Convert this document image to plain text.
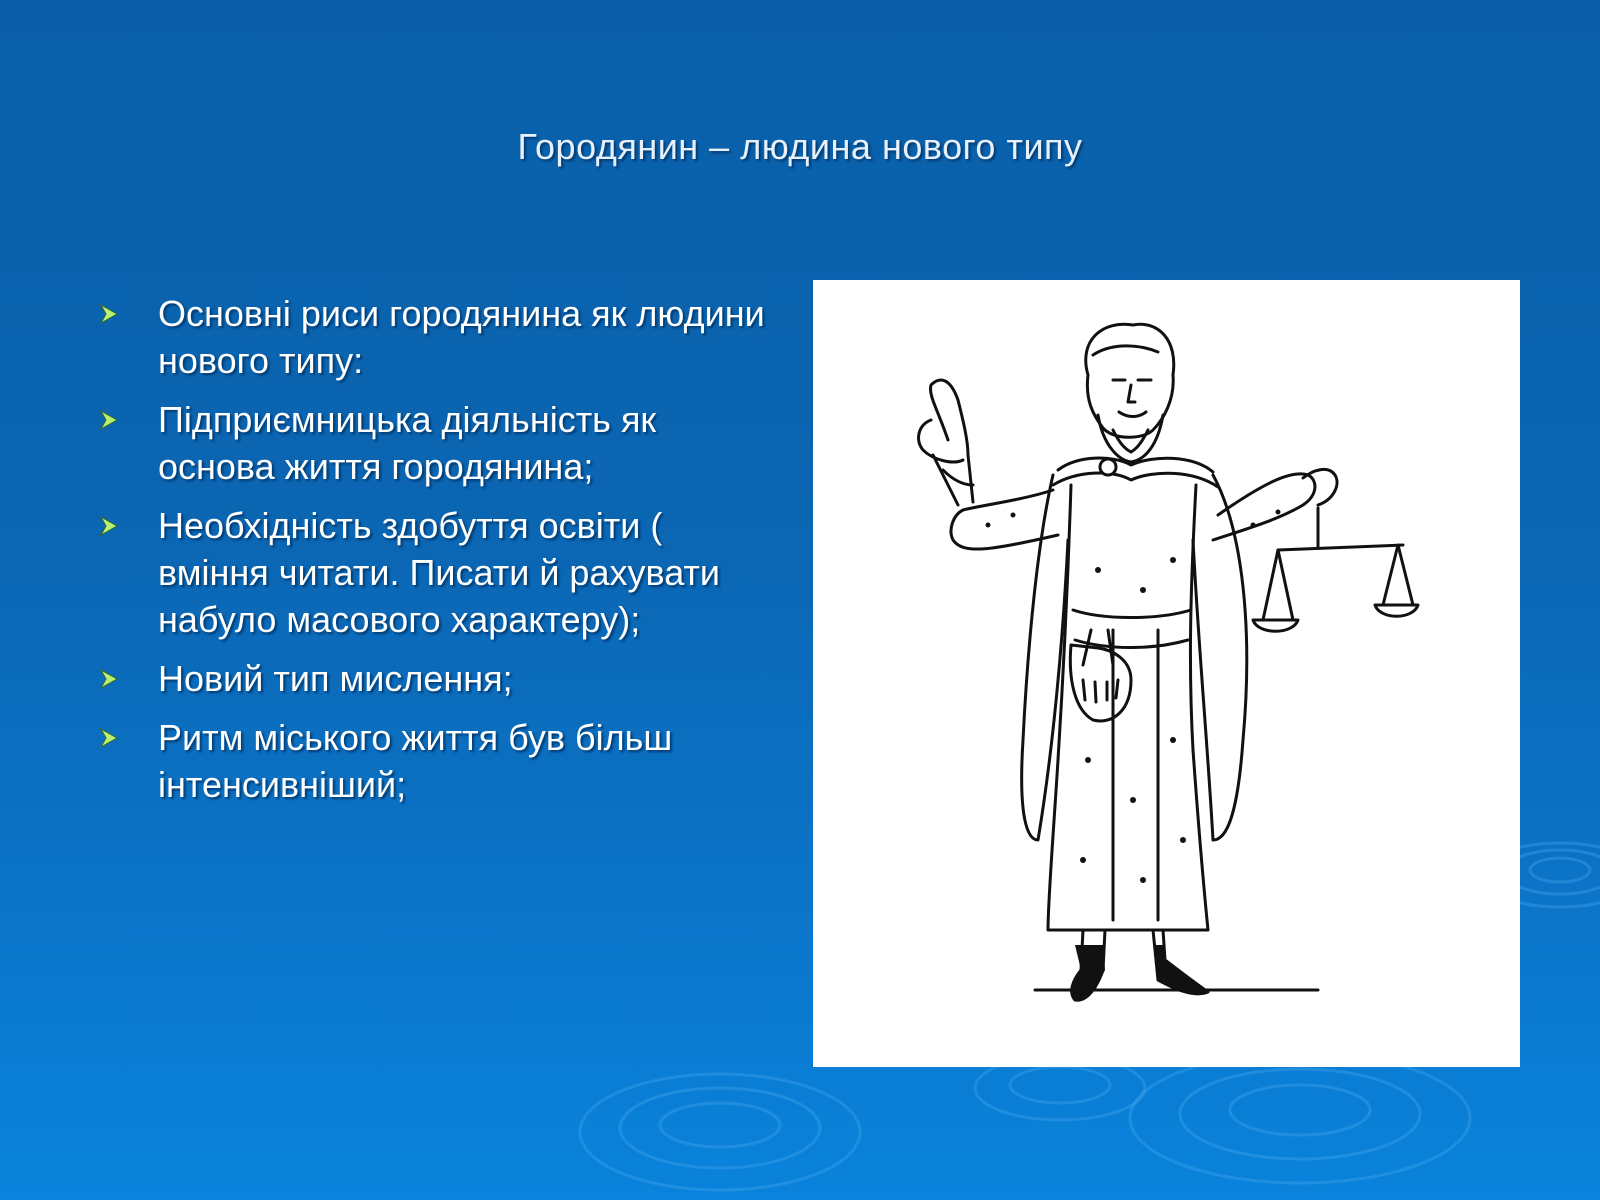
Городянин – людина нового типу
Основні риси городянина як людини нового типу:
Підприємницька діяльність як основа життя городянина;
Необхідність здобуття освіти ( вміння читати. Писати й рахувати набуло масового характеру);
Новий тип мислення;
Ритм міського життя був більш інтенсивніший;
